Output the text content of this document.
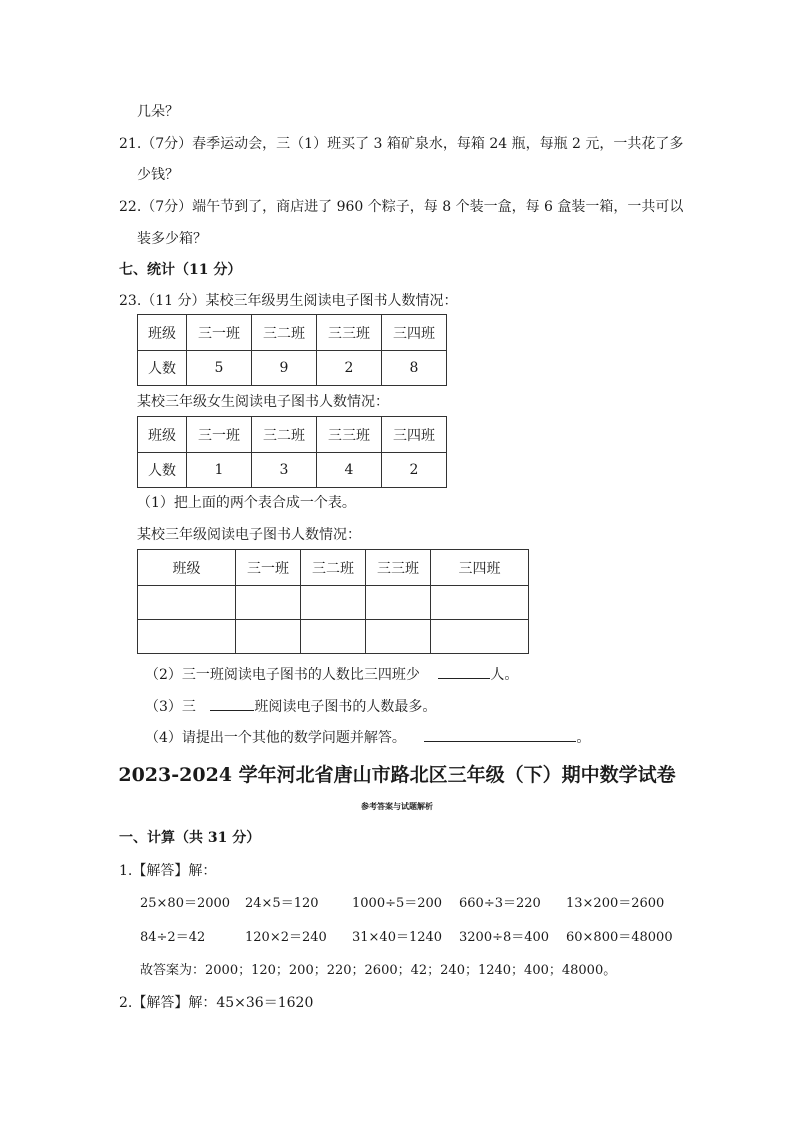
几朵？
21.（7分）春季运动会，三（1）班买了 3 箱矿泉水，每箱 24 瓶，每瓶 2 元，一共花了多
少钱？
22.（7分）端午节到了，商店进了 960 个粽子，每 8 个装一盒，每 6 盒装一箱，一共可以
装多少箱？
七、统计（11 分）
23.（11 分）某校三年级男生阅读电子图书人数情况：
班级	三一班	三二班	三三班	三四班
人数	5	9	2	8
某校三年级女生阅读电子图书人数情况：
班级	三一班	三二班	三三班	三四班
人数	1	3	4	2
（1）把上面的两个表合成一个表。
某校三年级阅读电子图书人数情况：
班级	三一班	三二班	三三班	三四班

（2）三一班阅读电子图书的人数比三四班少	人。
（3）三	班阅读电子图书的人数最多。
（4）请提出一个其他的数学问题并解答。	。
2023-2024 学年河北省唐山市路北区三年级（下）期中数学试卷
参考答案与试题解析
一、计算（共 31 分）
1.【解答】解：
25×80＝2000 24×5＝120	1000÷5＝200 660÷3＝220 13×200＝2600
84÷2＝42	120×2＝240 31×40＝1240 3200÷8＝400 60×800＝48000
故答案为：2000；120；200；220；2600；42；240；1240；400；48000。
2.【解答】解：45×36＝1620
